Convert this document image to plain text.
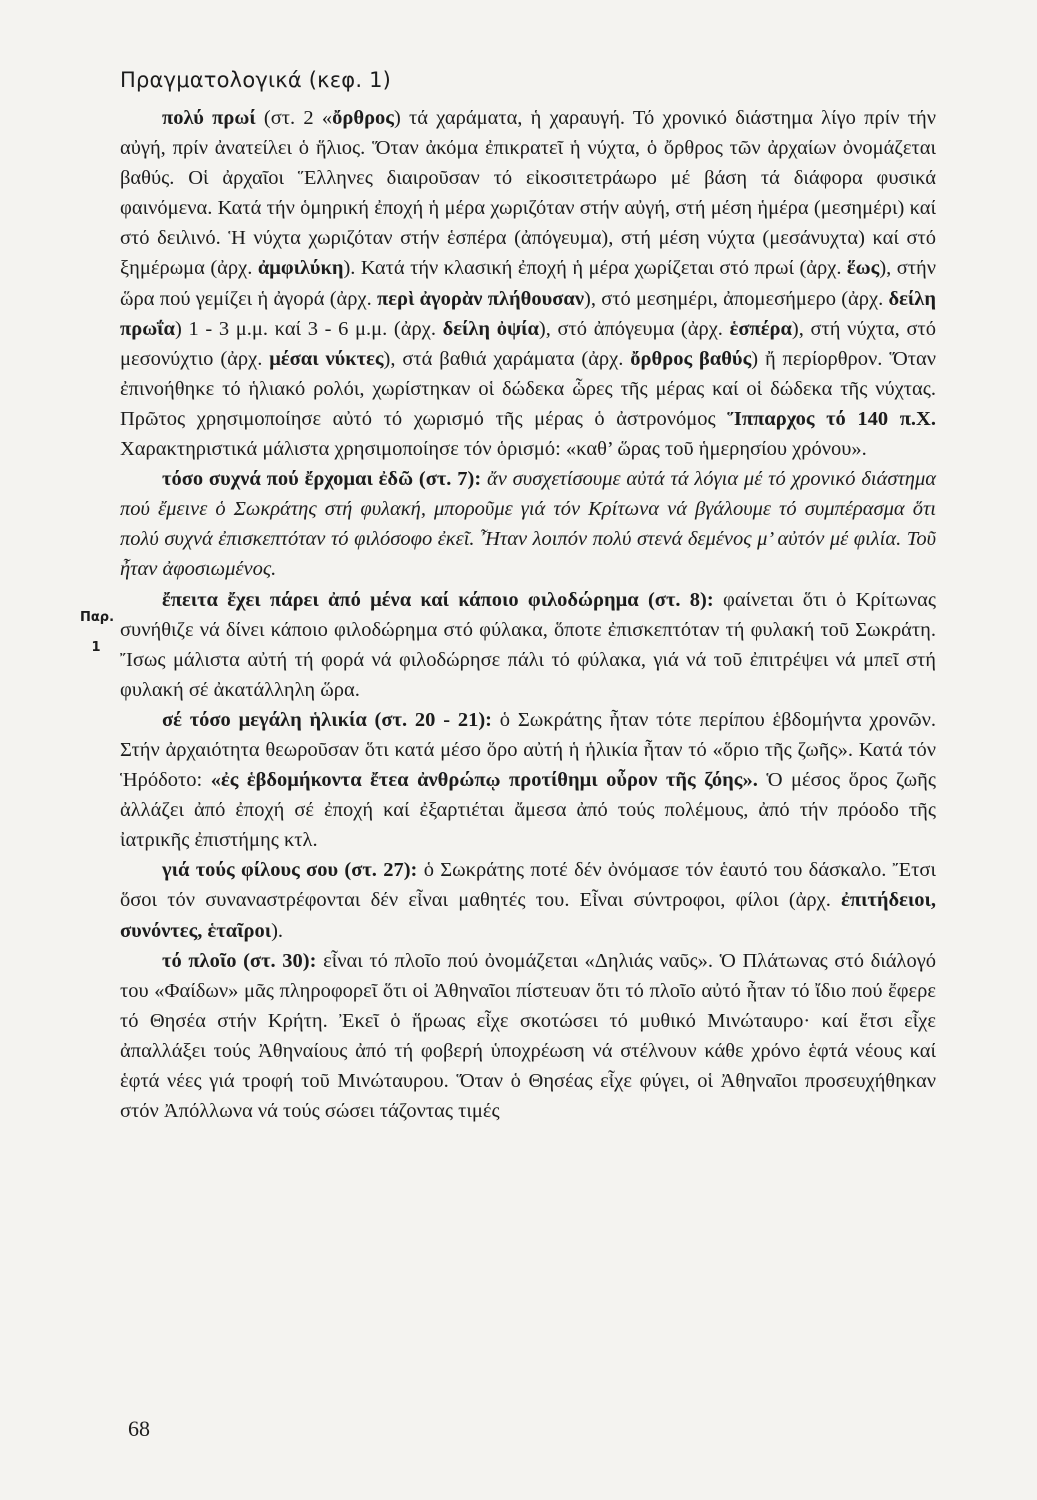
Πραγματολογικά (κεφ. 1)

πολύ πρωί (στ. 2 «ὄρθρος) τά χαράματα, ἡ χαραυγή. Τό χρονικό διάστημα λίγο πρίν τήν αὐγή, πρίν ἀνατείλει ὁ ἥλιος. Ὅταν ἀκόμα ἐπικρατεῖ ἡ νύχτα, ὁ ὄρθρος τῶν ἀρχαίων ὀνομάζεται βαθύς. Οἱ ἀρχαῖοι Ἕλληνες διαιροῦσαν τό εἰκοσιτετράωρο μέ βάση τά διάφορα φυσικά φαινόμενα. Κατά τήν ὁμηρική ἐποχή ἡ μέρα χωριζόταν στήν αὐγή, στή μέση ἡμέρα (μεσημέρι) καί στό δειλινό. Ἡ νύχτα χωριζόταν στήν ἑσπέρα (ἀπόγευμα), στή μέση νύχτα (μεσάνυχτα) καί στό ξημέρωμα (ἀρχ. ἀμφιλύκη). Κατά τήν κλασική ἐποχή ἡ μέρα χωρίζεται στό πρωί (ἀρχ. ἕως), στήν ὥρα πού γεμίζει ἡ ἀγορά (ἀρχ. περὶ ἀγορὰν πλήθουσαν), στό μεσημέρι, ἀπομεσήμερο (ἀρχ. δείλη πρωΐα) 1 - 3 μ.μ. καί 3 - 6 μ.μ. (ἀρχ. δείλη ὀψία), στό ἀπόγευμα (ἀρχ. ἑσπέρα), στή νύχτα, στό μεσονύχτιο (ἀρχ. μέσαι νύκτες), στά βαθιά χαράματα (ἀρχ. ὄρθρος βαθύς) ἤ περίορθρον. Ὅταν ἐπινοήθηκε τό ἡλιακό ρολόι, χωρίστηκαν οἱ δώδεκα ὧρες τῆς μέρας καί οἱ δώδεκα τῆς νύχτας. Πρῶτος χρησιμοποίησε αὐτό τό χωρισμό τῆς μέρας ὁ ἀστρονόμος Ἵππαρχος τό 140 π.Χ. Χαρακτηριστικά μάλιστα χρησιμοποίησε τόν ὁρισμό: «καθ’ ὥρας τοῦ ἡμερησίου χρόνου».

τόσο συχνά πού ἔρχομαι ἐδῶ (στ. 7): ἄν συσχετίσουμε αὐτά τά λόγια μέ τό χρονικό διάστημα πού ἔμεινε ὁ Σωκράτης στή φυλακή, μποροῦμε γιά τόν Κρίτωνα νά βγάλουμε τό συμπέρασμα ὅτι πολύ συχνά ἐπισκεπτόταν τό φιλόσοφο ἐκεῖ. Ἦταν λοιπόν πολύ στενά δεμένος μ’ αὐτόν μέ φιλία. Τοῦ ἦταν ἀφοσιωμένος.

ἔπειτα ἔχει πάρει ἀπό μένα καί κάποιο φιλοδώρημα (στ. 8): φαίνεται ὅτι ὁ Κρίτωνας συνήθιζε νά δίνει κάποιο φιλοδώρημα στό φύλακα, ὅποτε ἐπισκεπτόταν τή φυλακή τοῦ Σωκράτη. Ἴσως μάλιστα αὐτή τή φορά νά φιλοδώρησε πάλι τό φύλακα, γιά νά τοῦ ἐπιτρέψει νά μπεῖ στή φυλακή σέ ἀκατάλληλη ὥρα.

σέ τόσο μεγάλη ἡλικία (στ. 20 - 21): ὁ Σωκράτης ἦταν τότε περίπου ἑβδομήντα χρονῶν. Στήν ἀρχαιότητα θεωροῦσαν ὅτι κατά μέσο ὅρο αὐτή ἡ ἡλικία ἦταν τό «ὅριο τῆς ζωῆς». Κατά τόν Ἡρόδοτο: «ἐς ἑβδομήκοντα ἔτεα ἀνθρώπῳ προτίθημι οὖρον τῆς ζόης». Ὁ μέσος ὅρος ζωῆς ἀλλάζει ἀπό ἐποχή σέ ἐποχή καί ἐξαρτιέται ἄμεσα ἀπό τούς πολέμους, ἀπό τήν πρόοδο τῆς ἰατρικῆς ἐπιστήμης κτλ.

γιά τούς φίλους σου (στ. 27): ὁ Σωκράτης ποτέ δέν ὀνόμασε τόν ἑαυτό του δάσκαλο. Ἔτσι ὅσοι τόν συναναστρέφονται δέν εἶναι μαθητές του. Εἶναι σύντροφοι, φίλοι (ἀρχ. ἐπιτήδειοι, συνόντες, ἑταῖροι).

τό πλοῖο (στ. 30): εἶναι τό πλοῖο πού ὀνομάζεται «Δηλιάς ναῦς». Ὁ Πλάτωνας στό διάλογό του «Φαίδων» μᾶς πληροφορεῖ ὅτι οἱ Ἀθηναῖοι πίστευαν ὅτι τό πλοῖο αὐτό ἦταν τό ἴδιο πού ἔφερε τό Θησέα στήν Κρήτη. Ἐκεῖ ὁ ἥρωας εἶχε σκοτώσει τό μυθικό Μινώταυρο· καί ἔτσι εἶχε ἀπαλλάξει τούς Ἀθηναίους ἀπό τή φοβερή ὑποχρέωση νά στέλνουν κάθε χρόνο ἑφτά νέους καί ἑφτά νέες γιά τροφή τοῦ Μινώταυρου. Ὅταν ὁ Θησέας εἶχε φύγει, οἱ Ἀθηναῖοι προσευχήθηκαν στόν Ἀπόλλωνα νά τούς σώσει τάζοντας τιμές

Παρ.
1
68
